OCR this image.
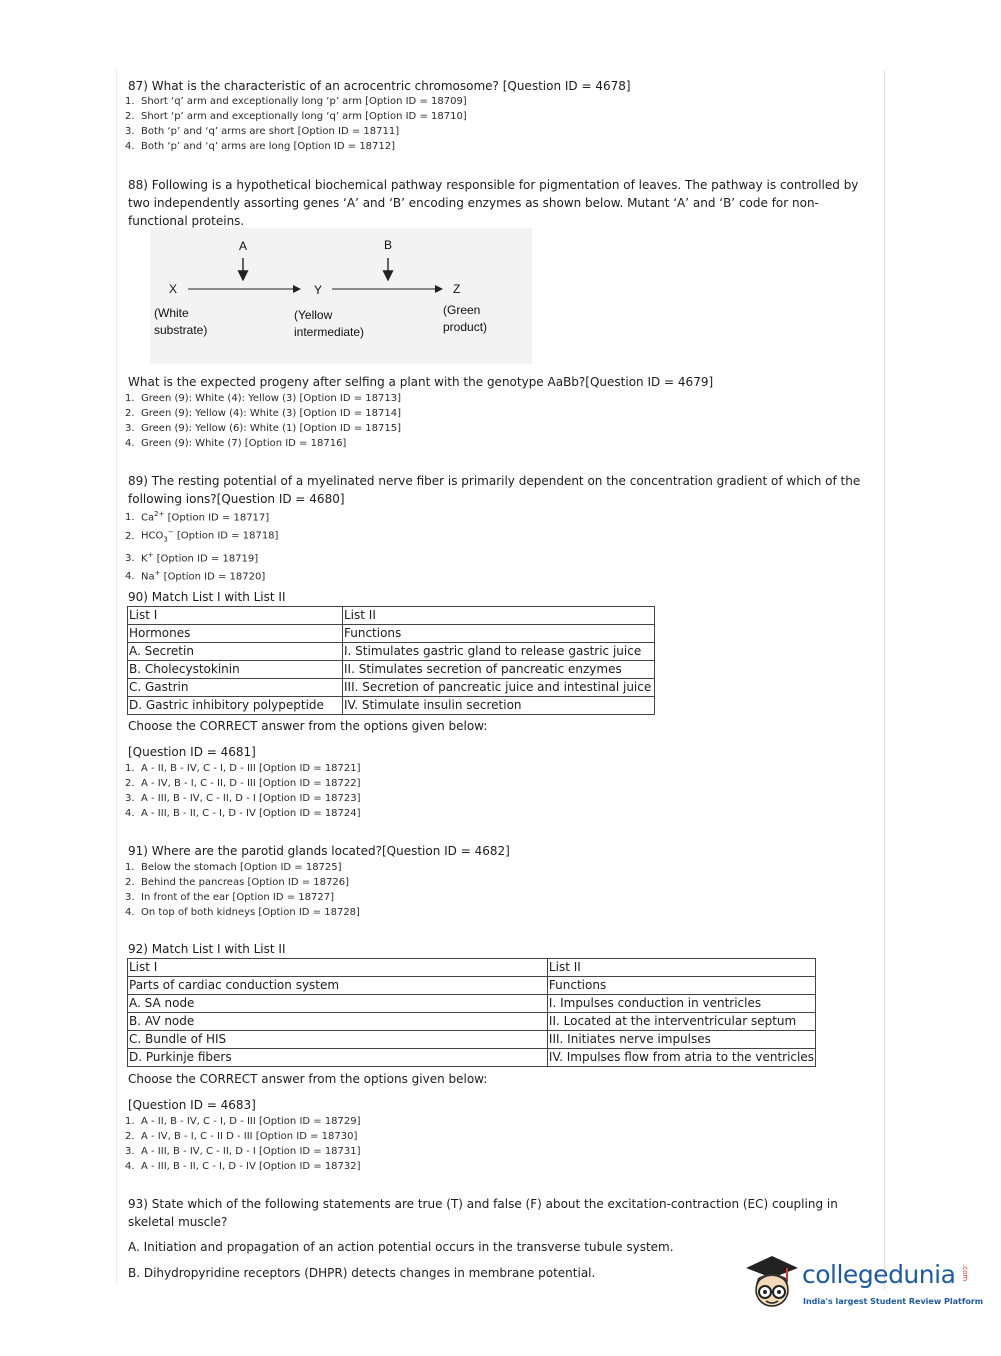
87) What is the characteristic of an acrocentric chromosome? [Question ID = 4678]
1. Short ‘q’ arm and exceptionally long ‘p’ arm [Option ID = 18709]
2. Short ‘p’ arm and exceptionally long ‘q’ arm [Option ID = 18710]
3. Both ‘p’ and ‘q’ arms are short [Option ID = 18711]
4. Both ‘p’ and ‘q’ arms are long [Option ID = 18712]
88) Following is a hypothetical biochemical pathway responsible for pigmentation of leaves. The pathway is controlled by
two independently assorting genes ‘A’ and ‘B’ encoding enzymes as shown below. Mutant ‘A’ and ‘B’ code for non-
functional proteins.
A	B
X	Y	Z
(White
substrate)
(Yellow
intermediate)
(Green
product)
What is the expected progeny after selfing a plant with the genotype AaBb?[Question ID = 4679]
1. Green (9): White (4): Yellow (3) [Option ID = 18713]
2. Green (9): Yellow (4): White (3) [Option ID = 18714]
3. Green (9): Yellow (6): White (1) [Option ID = 18715]
4. Green (9): White (7) [Option ID = 18716]
89) The resting potential of a myelinated nerve fiber is primarily dependent on the concentration gradient of which of the
following ions?[Question ID = 4680]
1. $Ca^{2+}$ [Option ID = 18717]
2. $HCO_3^-$ [Option ID = 18718]
3. K+ [Option ID = 18719]
4. Na+ [Option ID = 18720]
90) Match List I with List II
List I	List II
Hormones	Functions
A. Secretin	I. Stimulates gastric gland to release gastric juice
B. Cholecystokinin	II. Stimulates secretion of pancreatic enzymes
C. Gastrin	III. Secretion of pancreatic juice and intestinal juice
D. Gastric inhibitory polypeptide	IV. Stimulate insulin secretion
Choose the CORRECT answer from the options given below:
[Question ID = 4681]
1. A - II, B - IV, C - I, D - III [Option ID = 18721]
2. A - IV, B - I, C - II, D - III [Option ID = 18722]
3. A - III, B - IV, C - II, D - I [Option ID = 18723]
4. A - III, B - II, C - I, D - IV [Option ID = 18724]
91) Where are the parotid glands located?[Question ID = 4682]
1. Below the stomach [Option ID = 18725]
2. Behind the pancreas [Option ID = 18726]
3. In front of the ear [Option ID = 18727]
4. On top of both kidneys [Option ID = 18728]
92) Match List I with List II
List I	List II
Parts of cardiac conduction system	Functions
A. SA node	I. Impulses conduction in ventricles
B. AV node	II. Located at the interventricular septum
C. Bundle of HIS	III. Initiates nerve impulses
D. Purkinje fibers	IV. Impulses flow from atria to the ventricles
Choose the CORRECT answer from the options given below:
[Question ID = 4683]
1. A - II, B - IV, C - I, D - III [Option ID = 18729]
2. A - IV, B - I, C - II D - III [Option ID = 18730]
3. A - III, B - IV, C - II, D - I [Option ID = 18731]
4. A - III, B - II, C - I, D - IV [Option ID = 18732]
93) State which of the following statements are true (T) and false (F) about the excitation-contraction (EC) coupling in
skeletal muscle?
A. Initiation and propagation of an action potential occurs in the transverse tubule system.
B. Dihydropyridine receptors (DHPR) detects changes in membrane potential.	collegedunia .com
India's largest Student Review Platform
